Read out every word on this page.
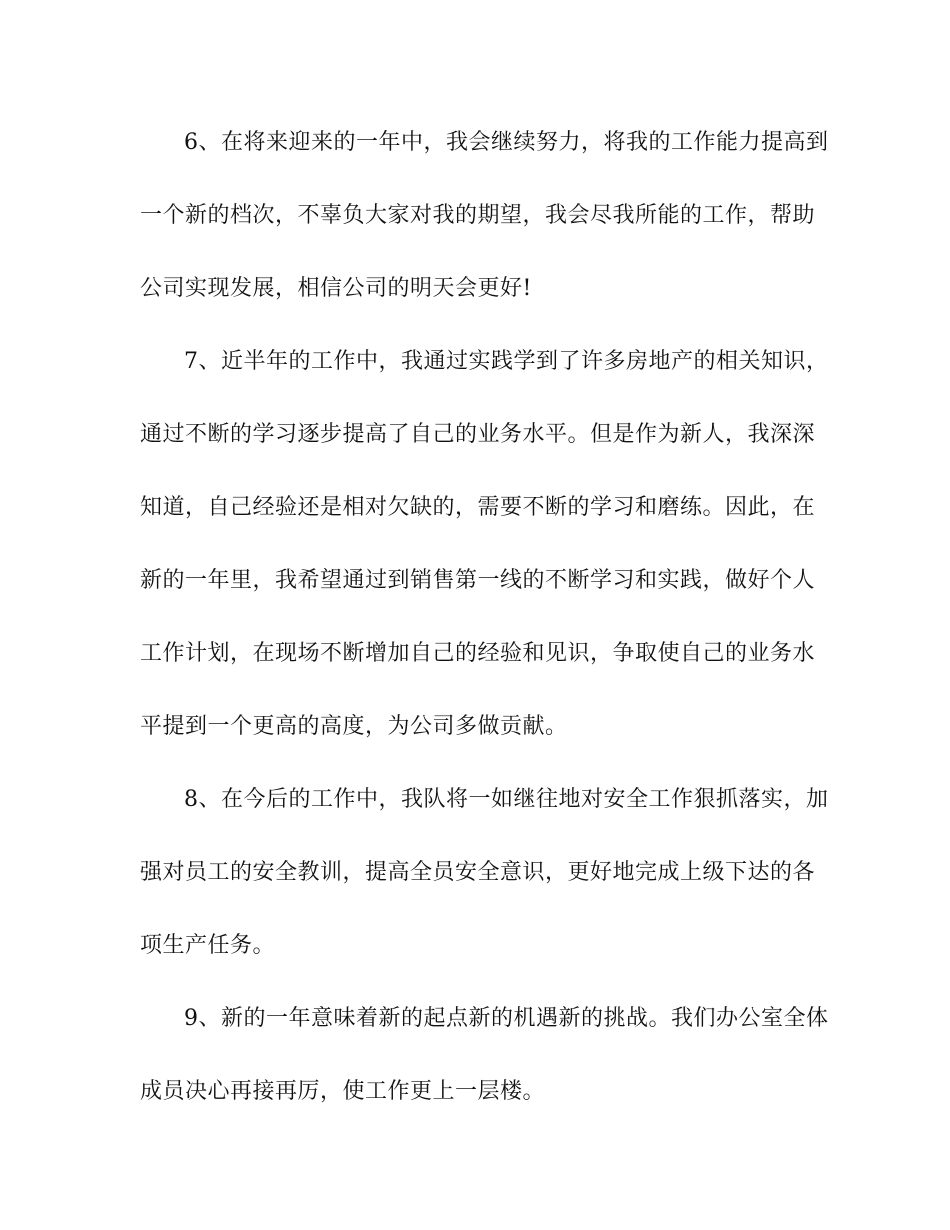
6、在将来迎来的一年中，我会继续努力，将我的工作能力提高到
一个新的档次，不辜负大家对我的期望，我会尽我所能的工作，帮助
公司实现发展，相信公司的明天会更好!
7、近半年的工作中，我通过实践学到了许多房地产的相关知识，
通过不断的学习逐步提高了自己的业务水平。但是作为新人，我深深
知道，自己经验还是相对欠缺的，需要不断的学习和磨练。因此，在
新的一年里，我希望通过到销售第一线的不断学习和实践，做好个人
工作计划，在现场不断增加自己的经验和见识，争取使自己的业务水
平提到一个更高的高度，为公司多做贡献。
8、在今后的工作中，我队将一如继往地对安全工作狠抓落实，加
强对员工的安全教训，提高全员安全意识，更好地完成上级下达的各
项生产任务。
9、新的一年意味着新的起点新的机遇新的挑战。我们办公室全体
成员决心再接再厉，使工作更上一层楼。
